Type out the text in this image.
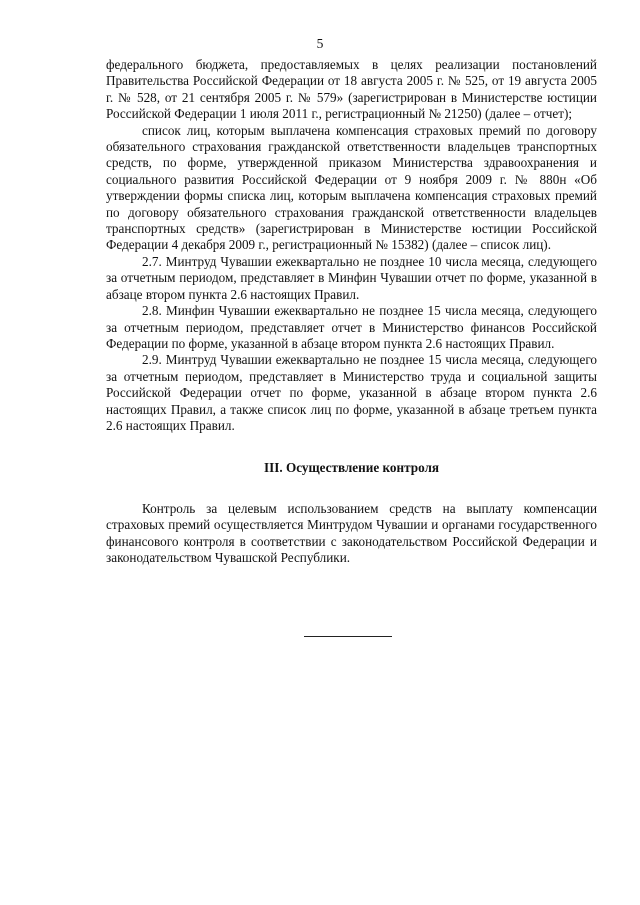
5

федерального бюджета, предоставляемых в целях реализации постановлений Правительства Российской Федерации от 18 августа 2005 г. № 525, от 19 августа 2005 г. № 528, от 21 сентября 2005 г. № 579» (зарегистрирован в Министерстве юстиции Российской Федерации 1 июля 2011 г., регистрационный № 21250) (далее – отчет);

список лиц, которым выплачена компенсация страховых премий по договору обязательного страхования гражданской ответственности владельцев транспортных средств, по форме, утвержденной приказом Министерства здравоохранения и социального развития Российской Федерации от 9 ноября 2009 г. № 880н «Об утверждении формы списка лиц, которым выплачена компенсация страховых премий по договору обязательного страхования гражданской ответственности владельцев транспортных средств» (зарегистрирован в Министерстве юстиции Российской Федерации 4 декабря 2009 г., регистрационный № 15382) (далее – список лиц).

2.7. Минтруд Чувашии ежеквартально не позднее 10 числа месяца, следующего за отчетным периодом, представляет в Минфин Чувашии отчет по форме, указанной в абзаце втором пункта 2.6 настоящих Правил.

2.8. Минфин Чувашии ежеквартально не позднее 15 числа месяца, следующего за отчетным периодом, представляет отчет в Министерство финансов Российской Федерации по форме, указанной в абзаце втором пункта 2.6 настоящих Правил.

2.9. Минтруд Чувашии ежеквартально не позднее 15 числа месяца, следующего за отчетным периодом, представляет в Министерство труда и социальной защиты Российской Федерации отчет по форме, указанной в абзаце втором пункта 2.6 настоящих Правил, а также список лиц по форме, указанной в абзаце третьем пункта 2.6 настоящих Правил.

III. Осуществление контроля

Контроль за целевым использованием средств на выплату компенсации страховых премий осуществляется Минтрудом Чувашии и органами государственного финансового контроля в соответствии с законодательством Российской Федерации и законодательством Чувашской Республики.
